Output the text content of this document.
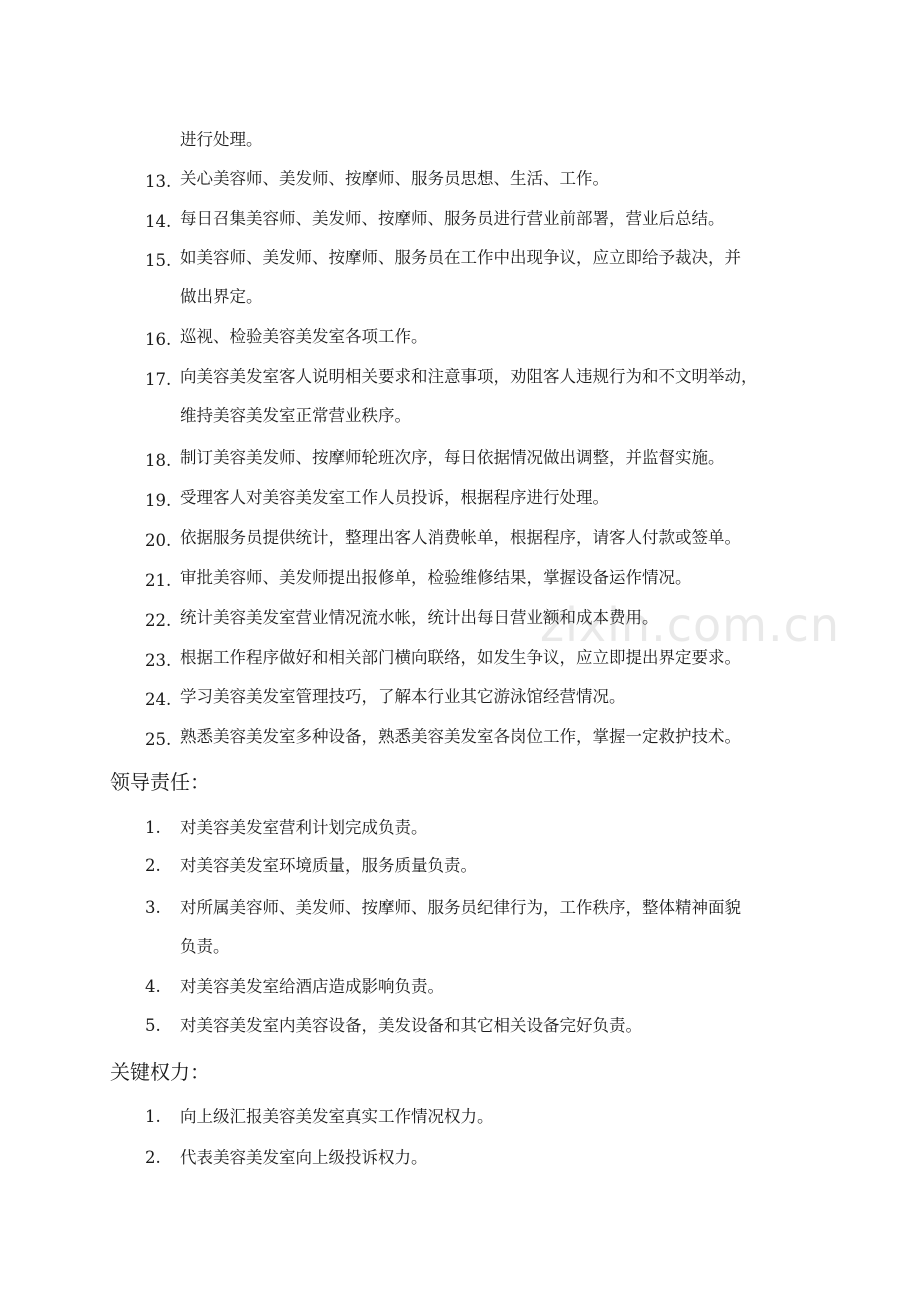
zixin.com.cn
进行处理。
13. 关心美容师、美发师、按摩师、服务员思想、生活、工作。
14. 每日召集美容师、美发师、按摩师、服务员进行营业前部署，营业后总结。
15. 如美容师、美发师、按摩师、服务员在工作中出现争议，应立即给予裁决，并
做出界定。
16. 巡视、检验美容美发室各项工作。
17. 向美容美发室客人说明相关要求和注意事项，劝阻客人违规行为和不文明举动，
维持美容美发室正常营业秩序。
18. 制订美容美发师、按摩师轮班次序，每日依据情况做出调整，并监督实施。
19. 受理客人对美容美发室工作人员投诉，根据程序进行处理。
20. 依据服务员提供统计，整理出客人消费帐单，根据程序，请客人付款或签单。
21. 审批美容师、美发师提出报修单，检验维修结果，掌握设备运作情况。
22. 统计美容美发室营业情况流水帐，统计出每日营业额和成本费用。
23. 根据工作程序做好和相关部门横向联络，如发生争议，应立即提出界定要求。
24. 学习美容美发室管理技巧，了解本行业其它游泳馆经营情况。
25. 熟悉美容美发室多种设备，熟悉美容美发室各岗位工作，掌握一定救护技术。
领导责任：
1. 对美容美发室营利计划完成负责。
2. 对美容美发室环境质量，服务质量负责。
3. 对所属美容师、美发师、按摩师、服务员纪律行为，工作秩序，整体精神面貌
负责。
4. 对美容美发室给酒店造成影响负责。
5. 对美容美发室内美容设备，美发设备和其它相关设备完好负责。
关键权力：
1. 向上级汇报美容美发室真实工作情况权力。
2. 代表美容美发室向上级投诉权力。
